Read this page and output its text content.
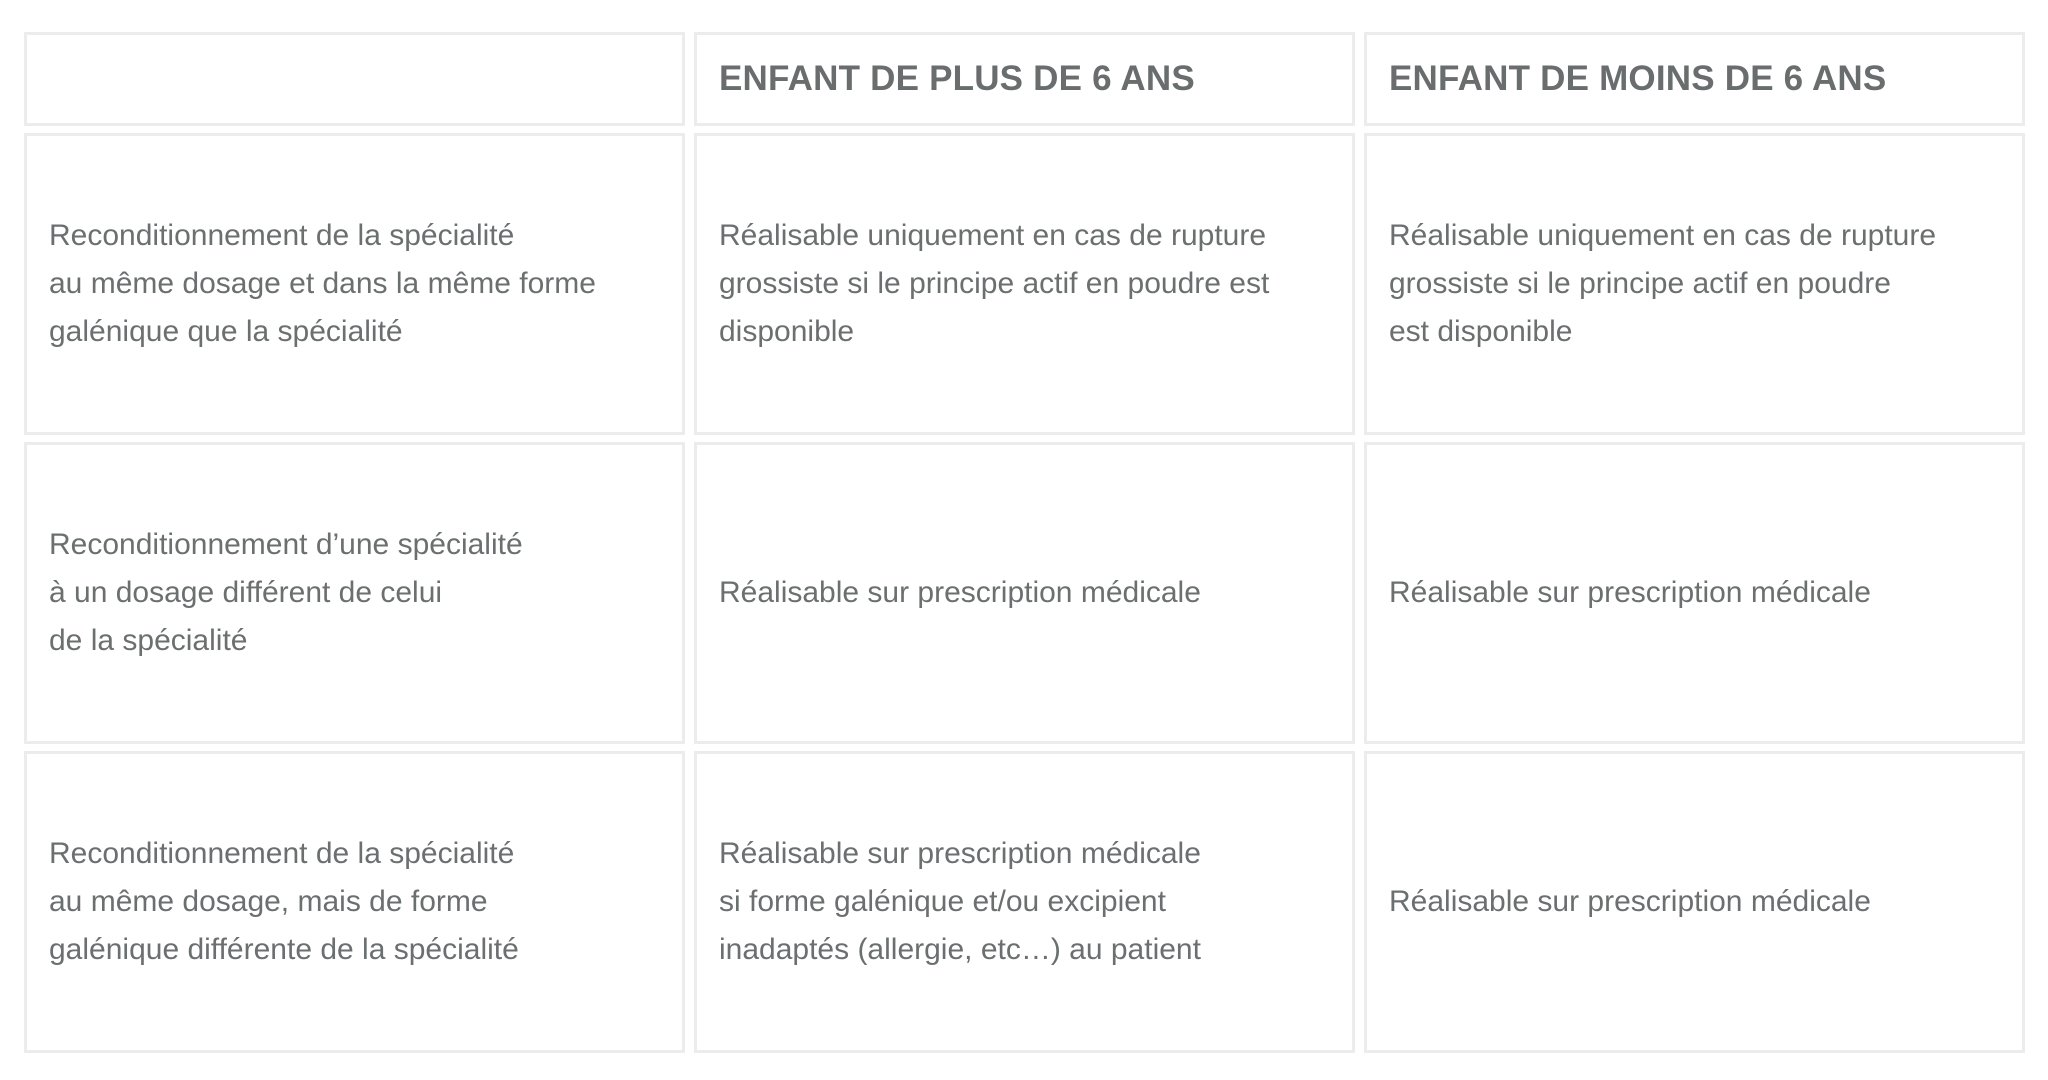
ENFANT DE PLUS DE 6 ANS	ENFANT DE MOINS DE 6 ANS
Reconditionnement de la spécialité
au même dosage et dans la même forme
galénique que la spécialité
Réalisable uniquement en cas de rupture
grossiste si le principe actif en poudre est
disponible
Réalisable uniquement en cas de rupture
grossiste si le principe actif en poudre
est disponible
Reconditionnement d’une spécialité
à un dosage différent de celui
de la spécialité
Réalisable sur prescription médicale	Réalisable sur prescription médicale
Reconditionnement de la spécialité
au même dosage, mais de forme
galénique différente de la spécialité
Réalisable sur prescription médicale
si forme galénique et/ou excipient
inadaptés (allergie, etc…) au patient
Réalisable sur prescription médicale
